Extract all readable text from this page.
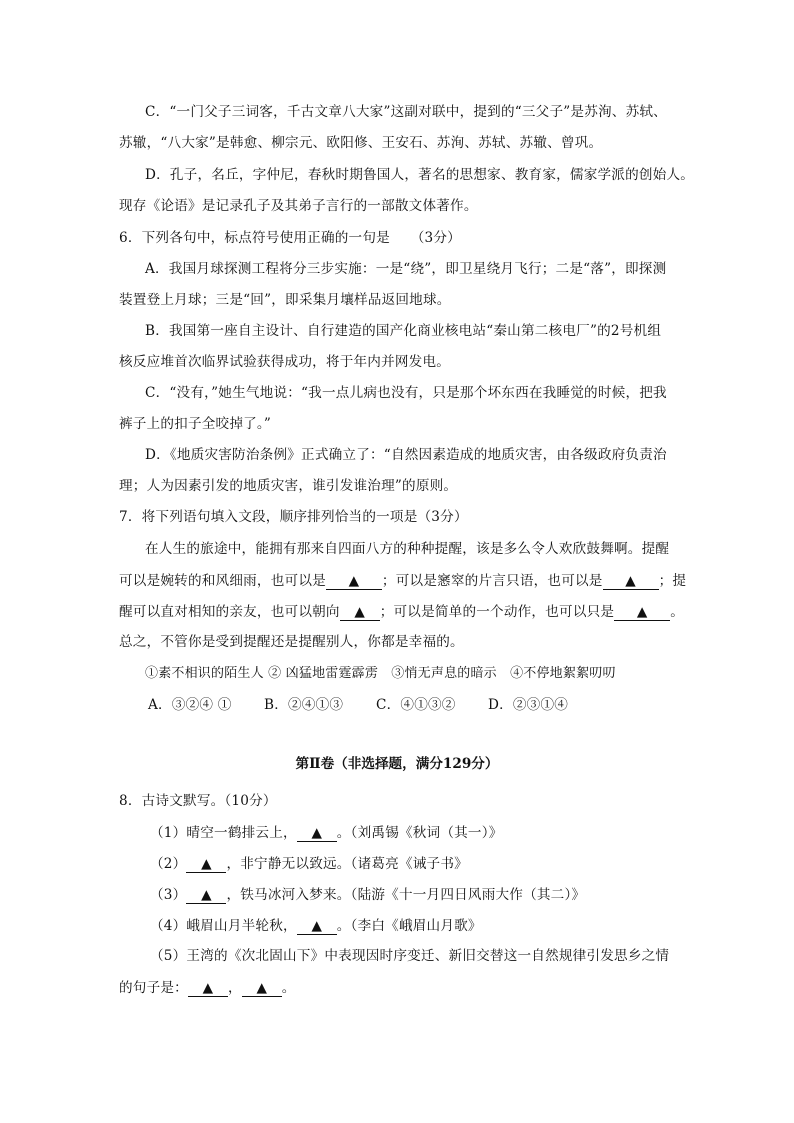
C．“一门父子三词客，千古文章八大家”这副对联中，提到的“三父子”是苏洵、苏轼、
苏辙，“八大家”是韩愈、柳宗元、欧阳修、王安石、苏洵、苏轼、苏辙、曾巩。
D．孔子，名丘，字仲尼，春秋时期鲁国人，著名的思想家、教育家，儒家学派的创始人。
现存《论语》是记录孔子及其弟子言行的一部散文体著作。
6．下列各句中，标点符号使用正确的一句是　　（3分）
A．我国月球探测工程将分三步实施：一是“绕”，即卫星绕月飞行；二是“落”，即探测
装置登上月球；三是“回”，即采集月壤样品返回地球。
B．我国第一座自主设计、自行建造的国产化商业核电站“秦山第二核电厂”的2号机组
核反应堆首次临界试验获得成功，将于年内并网发电。
C．“没有，”她生气地说：“我一点儿病也没有，只是那个坏东西在我睡觉的时候，把我
裤子上的扣子全咬掉了。”
D．《地质灾害防治条例》正式确立了：“自然因素造成的地质灾害，由各级政府负责治
理；人为因素引发的地质灾害，谁引发谁治理”的原则。
7．将下列语句填入文段，顺序排列恰当的一项是（3分）
在人生的旅途中，能拥有那来自四面八方的种种提醒，该是多么令人欢欣鼓舞啊。提醒
可以是婉转的和风细雨，也可以是 ▲ ；可以是窸窣的片言只语，也可以是 ▲ ；提
醒可以直对相知的亲友，也可以朝向 ▲ ；可以是简单的一个动作，也可以只是 ▲ 。
总之，不管你是受到提醒还是提醒别人，你都是幸福的。
①素不相识的陌生人 ② 凶猛地雷霆霹雳　③悄无声息的暗示　④不停地絮絮叨叨
A．③②④ ① B．②④①③ C．④①③② D．②③①④
第Ⅱ卷（非选择题，满分129分）
8．古诗文默写。（10分）
（1）晴空一鹤排云上， ▲ 。（刘禹锡《秋词（其一）》
（2） ▲ ，非宁静无以致远。（诸葛亮《诫子书》
（3） ▲ ，铁马冰河入梦来。（陆游《十一月四日风雨大作（其二）》
（4）峨眉山月半轮秋， ▲ 。（李白《峨眉山月歌》
（5）王湾的《次北固山下》中表现因时序变迁、新旧交替这一自然规律引发思乡之情
的句子是： ▲ ， ▲ 。
